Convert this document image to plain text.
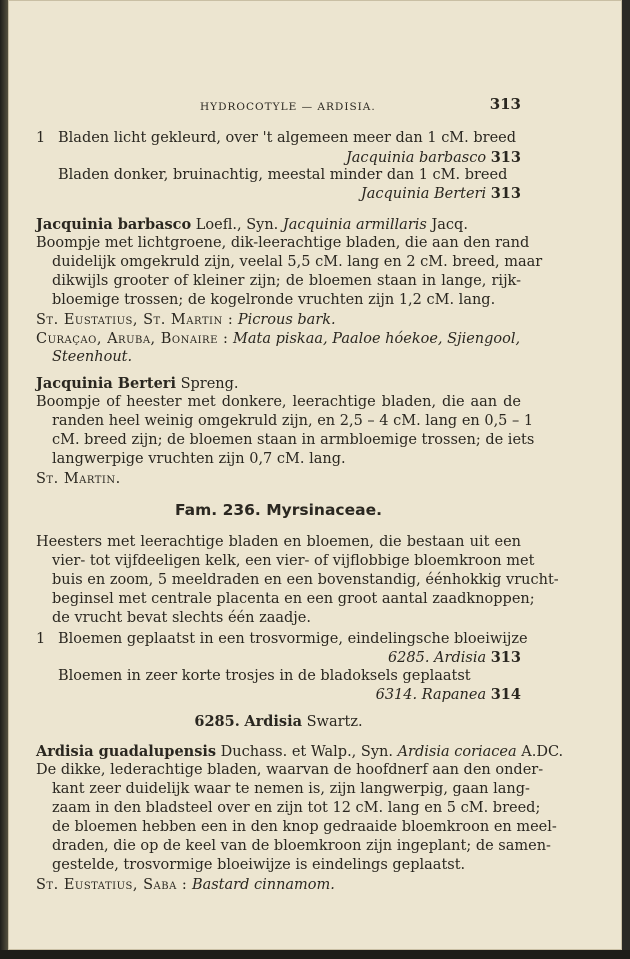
HYDROCOTYLE — ARDISIA.	313
1 Bladen licht gekleurd, over 't algemeen meer dan 1 cM. breed
Jacquinia barbasco 313
Bladen donker, bruinachtig, meestal minder dan 1 cM. breed
Jacquinia Berteri 313
Jacquinia barbasco Loefl., Syn. Jacquinia armillaris Jacq.
Boompje met lichtgroene, dik-leerachtige bladen, die aan den rand
duidelijk omgekruld zijn, veelal 5,5 cM. lang en 2 cM. breed, maar
dikwijls grooter of kleiner zijn; de bloemen staan in lange, rijk-
bloemige trossen; de kogelronde vruchten zijn 1,2 cM. lang.
St. Eustatius, St. Martin : Picrous bark.
Curaçao, Aruba, Bonaire : Mata piskaa, Paaloe hóekoe, Sjiengool,
Steenhout.
Jacquinia Berteri Spreng.
Boompje of heester met donkere, leerachtige bladen, die aan de
randen heel weinig omgekruld zijn, en 2,5 – 4 cM. lang en 0,5 – 1
cM. breed zijn; de bloemen staan in armbloemige trossen; de iets
langwerpige vruchten zijn 0,7 cM. lang.
St. Martin.
Fam. 236. Myrsinaceae.
Heesters met leerachtige bladen en bloemen, die bestaan uit een
vier- tot vijfdeeligen kelk, een vier- of vijflobbige bloemkroon met
buis en zoom, 5 meeldraden en een bovenstandig, éénhokkig vrucht-
beginsel met centrale placenta en een groot aantal zaadknoppen;
de vrucht bevat slechts één zaadje.
1 Bloemen geplaatst in een trosvormige, eindelingsche bloeiwijze
6285. Ardisia 313
Bloemen in zeer korte trosjes in de bladoksels geplaatst
6314. Rapanea 314
6285. Ardisia Swartz.
Ardisia guadalupensis Duchass. et Walp., Syn. Ardisia coriacea A.DC.
De dikke, lederachtige bladen, waarvan de hoofdnerf aan den onder-
kant zeer duidelijk waar te nemen is, zijn langwerpig, gaan lang-
zaam in den bladsteel over en zijn tot 12 cM. lang en 5 cM. breed;
de bloemen hebben een in den knop gedraaide bloemkroon en meel-
draden, die op de keel van de bloemkroon zijn ingeplant; de samen-
gestelde, trosvormige bloeiwijze is eindelings geplaatst.
St. Eustatius, Saba : Bastard cinnamom.
